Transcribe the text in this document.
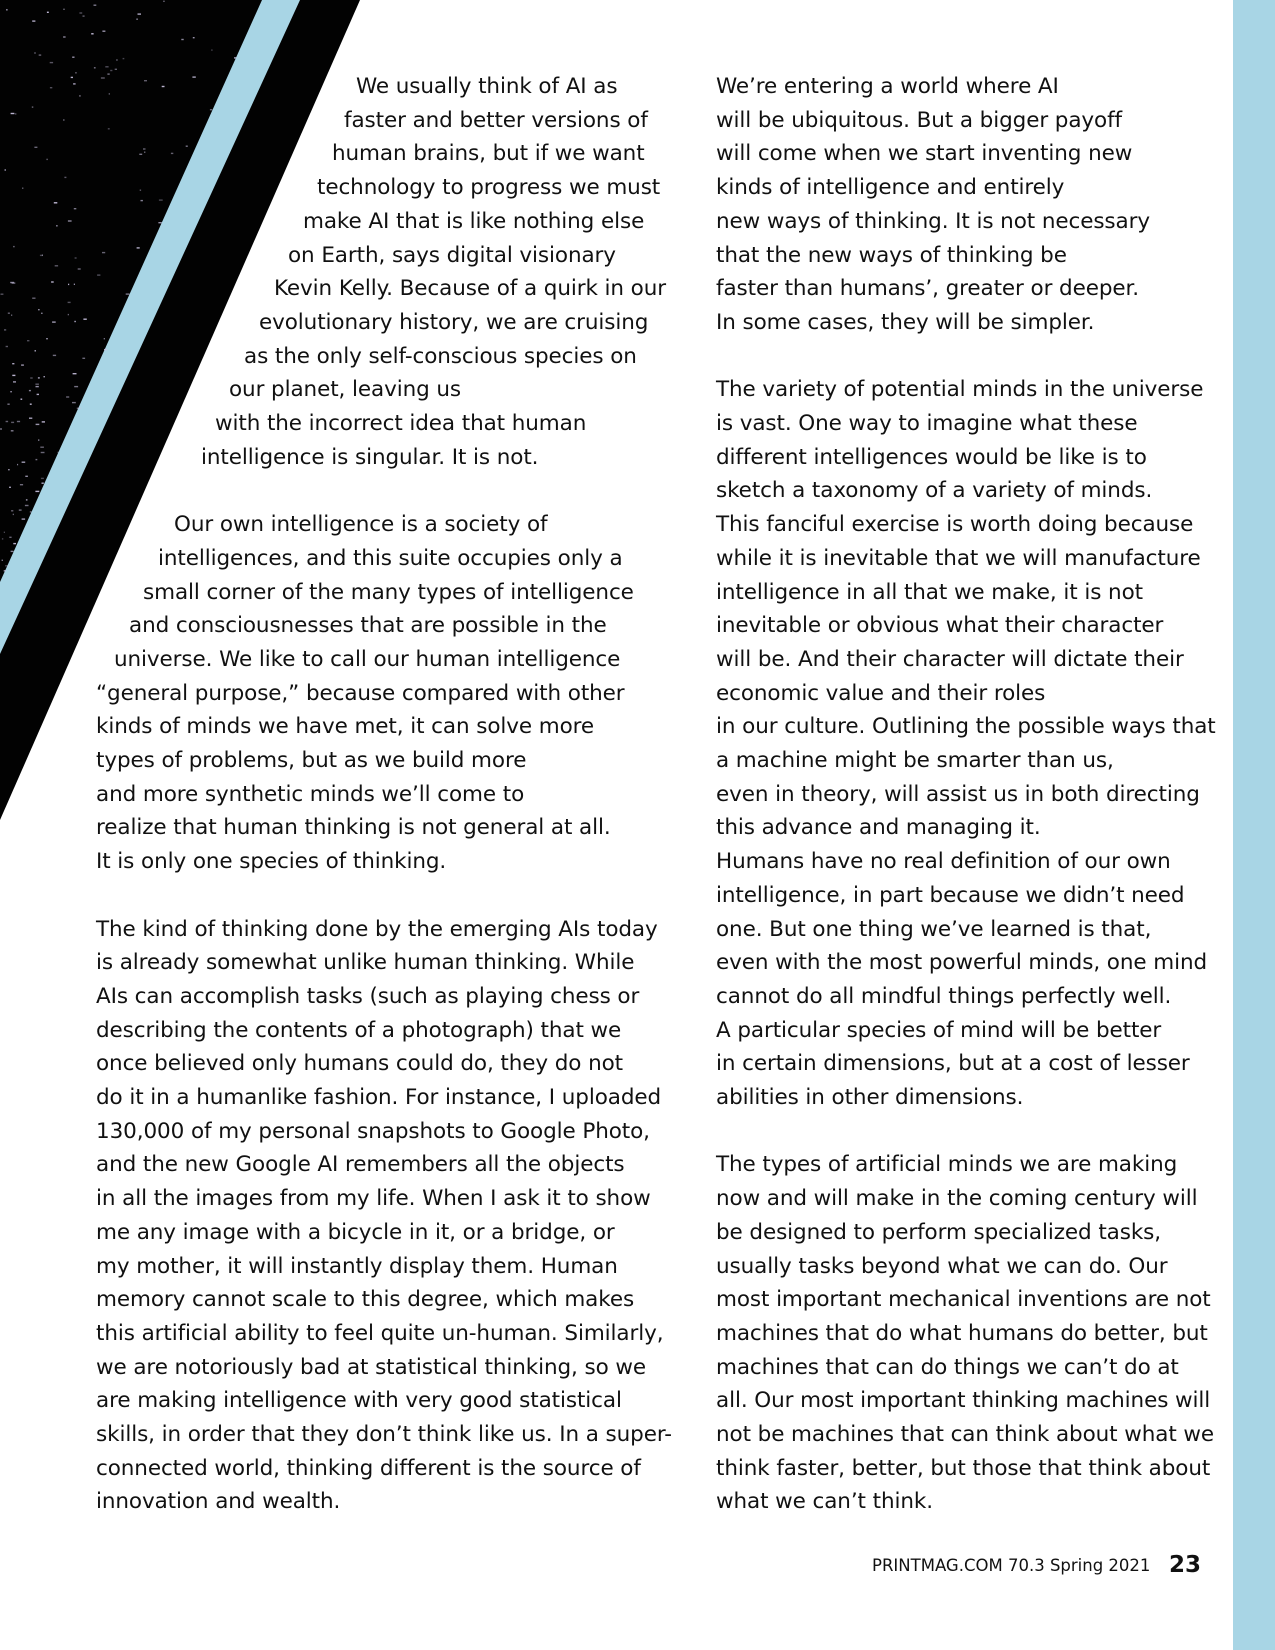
We usually think of AI as
faster and better versions of
human brains, but if we want
technology to progress we must
make AI that is like nothing else
on Earth, says digital visionary
Kevin Kelly. Because of a quirk in our
evolutionary history, we are cruising
as the only self-conscious species on
our planet, leaving us
with the incorrect idea that human
intelligence is singular. It is not.
Our own intelligence is a society of
intelligences, and this suite occupies only a
small corner of the many types of intelligence
and consciousnesses that are possible in the
universe. We like to call our human intelligence
“general purpose,” because compared with other
kinds of minds we have met, it can solve more
types of problems, but as we build more
and more synthetic minds we’ll come to
realize that human thinking is not general at all.
It is only one species of thinking.
The kind of thinking done by the emerging AIs today
is already somewhat unlike human thinking. While
AIs can accomplish tasks (such as playing chess or
describing the contents of a photograph) that we
once believed only humans could do, they do not
do it in a humanlike fashion. For instance, I uploaded
130,000 of my personal snapshots to Google Photo,
and the new Google AI remembers all the objects
in all the images from my life. When I ask it to show
me any image with a bicycle in it, or a bridge, or
my mother, it will instantly display them. Human
memory cannot scale to this degree, which makes
this artificial ability to feel quite un-human. Similarly,
we are notoriously bad at statistical thinking, so we
are making intelligence with very good statistical
skills, in order that they don’t think like us. In a super-
connected world, thinking different is the source of
innovation and wealth.
We’re entering a world where AI
will be ubiquitous. But a bigger payoff
will come when we start inventing new
kinds of intelligence and entirely
new ways of thinking. It is not necessary
that the new ways of thinking be
faster than humans’, greater or deeper.
In some cases, they will be simpler.
The variety of potential minds in the universe
is vast. One way to imagine what these
different intelligences would be like is to
sketch a taxonomy of a variety of minds.
This fanciful exercise is worth doing because
while it is inevitable that we will manufacture
intelligence in all that we make, it is not
inevitable or obvious what their character
will be. And their character will dictate their
economic value and their roles
in our culture. Outlining the possible ways that
a machine might be smarter than us,
even in theory, will assist us in both directing
this advance and managing it.
Humans have no real definition of our own
intelligence, in part because we didn’t need
one. But one thing we’ve learned is that,
even with the most powerful minds, one mind
cannot do all mindful things perfectly well.
A particular species of mind will be better
in certain dimensions, but at a cost of lesser
abilities in other dimensions.
The types of artificial minds we are making
now and will make in the coming century will
be designed to perform specialized tasks,
usually tasks beyond what we can do. Our
most important mechanical inventions are not
machines that do what humans do better, but
machines that can do things we can’t do at
all. Our most important thinking machines will
not be machines that can think about what we
think faster, better, but those that think about
what we can’t think.
PRINTMAG.COM 70.3 Spring 2021 23
